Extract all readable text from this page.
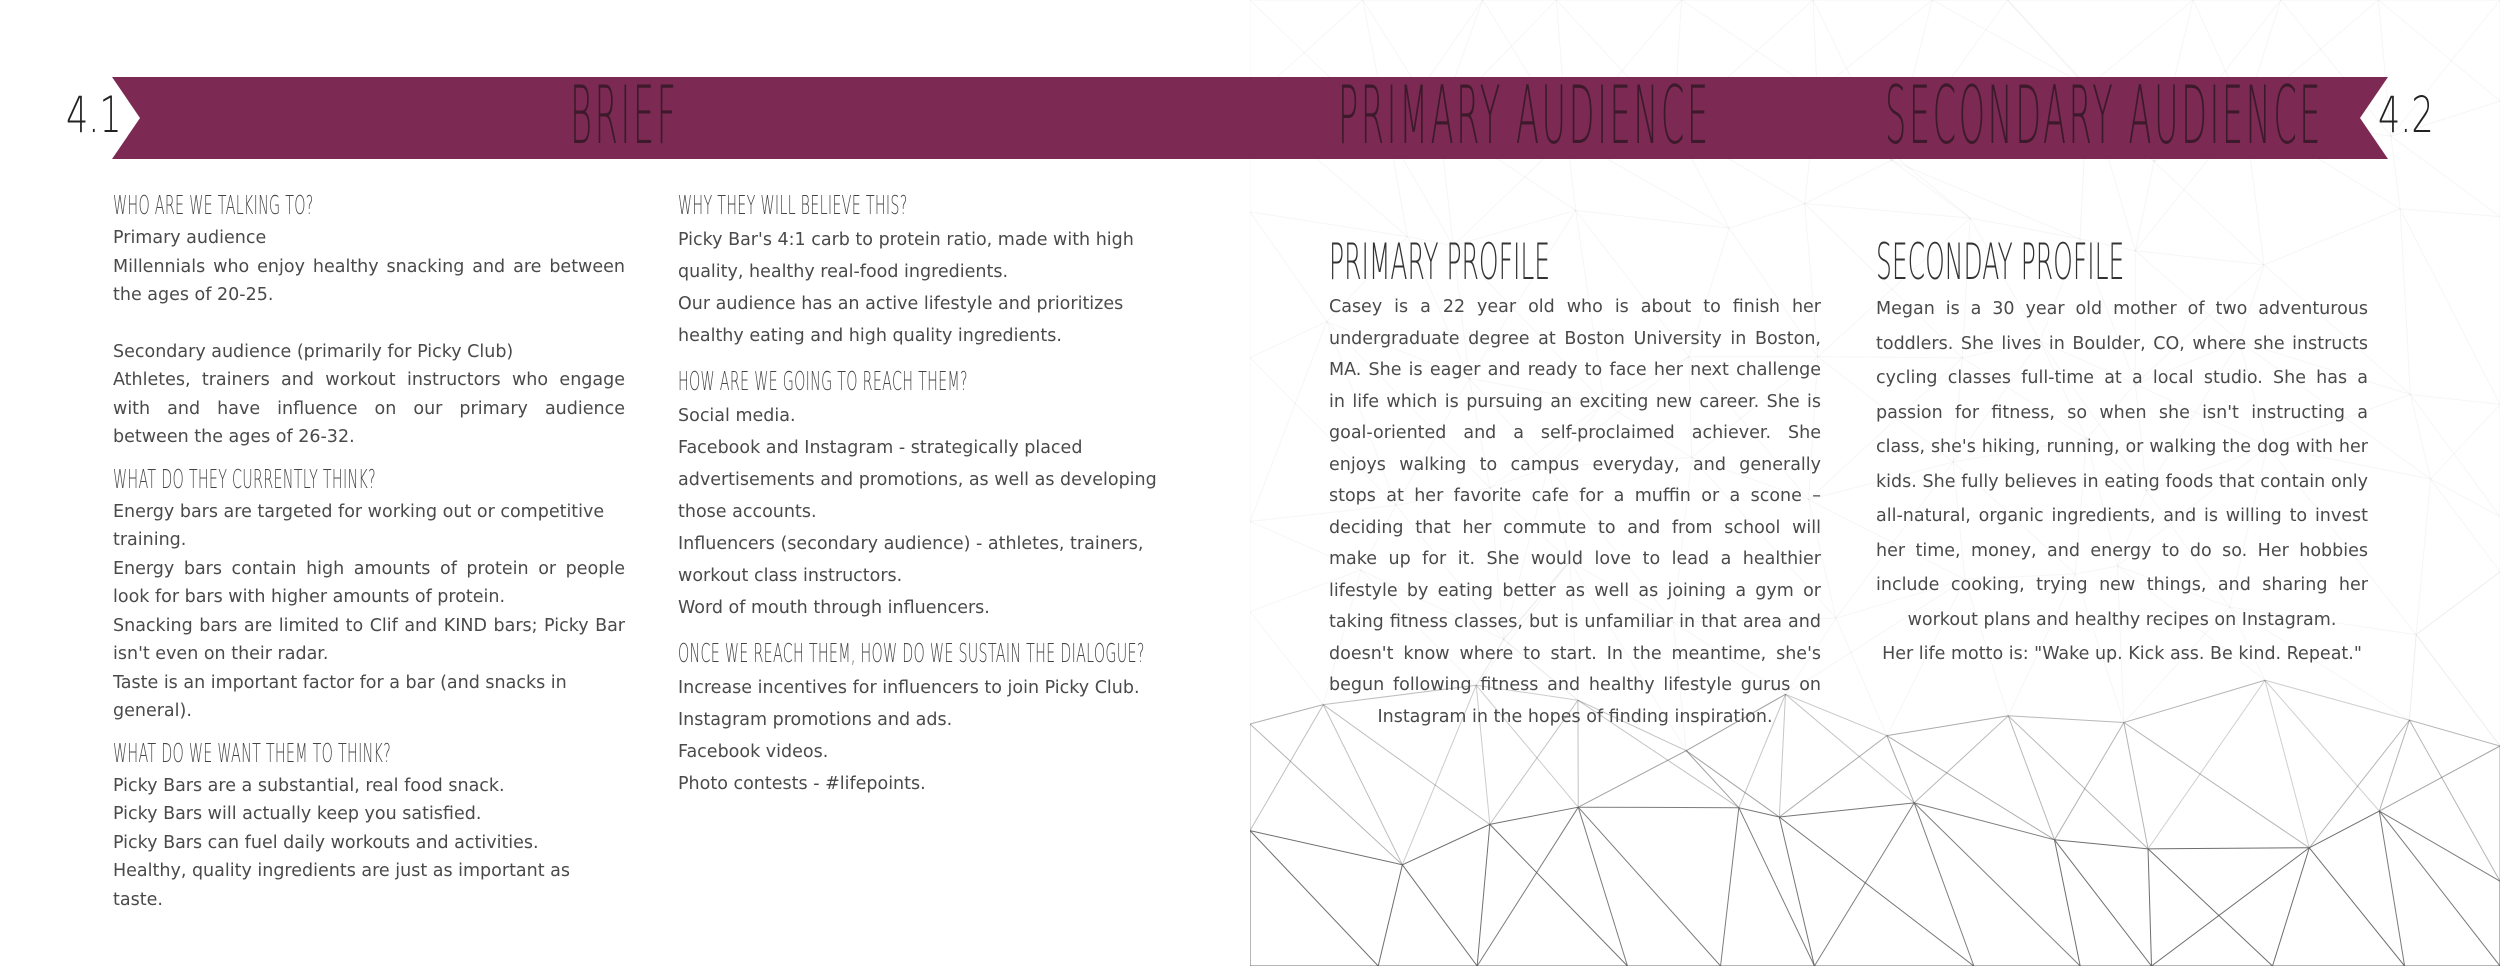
4.1	BRIEF

WHO ARE WE TALKING TO?

Primary audience

Millennials who enjoy healthy snacking and are between the ages of 20-25.

Secondary audience (primarily for Picky Club)

Athletes, trainers and workout instructors who engage with and have influence on our primary audience between the ages of 26-32.

WHAT DO THEY CURRENTLY THINK?

Energy bars are targeted for working out or competitive training.

Energy bars contain high amounts of protein or people look for bars with higher amounts of protein.

Snacking bars are limited to Clif and KIND bars; Picky Bar isn't even on their radar.

Taste is an important factor for a bar (and snacks in general).

WHAT DO WE WANT THEM TO THINK?

Picky Bars are a substantial, real food snack.

Picky Bars will actually keep you satisfied.

Picky Bars can fuel daily workouts and activities.

Healthy, quality ingredients are just as important as taste.

WHY THEY WILL BELIEVE THIS?

Picky Bar's 4:1 carb to protein ratio, made with high quality, healthy real-food ingredients.

Our audience has an active lifestyle and prioritizes healthy eating and high quality ingredients.

HOW ARE WE GOING TO REACH THEM?

Social media.

Facebook and Instagram - strategically placed advertisements and promotions, as well as developing those accounts.

Influencers (secondary audience) - athletes, trainers, workout class instructors.

Word of mouth through influencers.

ONCE WE REACH THEM, HOW DO WE SUSTAIN THE DIALOGUE?

Increase incentives for influencers to join Picky Club.

Instagram promotions and ads.

Facebook videos.

Photo contests - #lifepoints.

PRIMARY AUDIENCE SECONDARY AUDIENCE 4.2

PRIMARY PROFILE

Casey is a 22 year old who is about to finish her undergraduate degree at Boston University in Boston, MA. She is eager and ready to face her next challenge in life which is pursuing an exciting new career. She is goal-oriented and a self-proclaimed achiever. She enjoys walking to campus everyday, and generally stops at her favorite cafe for a muffin or a scone – deciding that her commute to and from school will make up for it. She would love to lead a healthier lifestyle by eating better as well as joining a gym or taking fitness classes, but is unfamiliar in that area and doesn't know where to start. In the meantime, she's begun following fitness and healthy lifestyle gurus on Instagram in the hopes of finding inspiration.

SECONDAY PROFILE

Megan is a 30 year old mother of two adventurous toddlers. She lives in Boulder, CO, where she instructs cycling classes full-time at a local studio. She has a passion for fitness, so when she isn't instructing a class, she's hiking, running, or walking the dog with her kids. She fully believes in eating foods that contain only all-natural, organic ingredients, and is willing to invest her time, money, and energy to do so. Her hobbies include cooking, trying new things, and sharing her workout plans and healthy recipes on Instagram.

Her life motto is: "Wake up. Kick ass. Be kind. Repeat."
